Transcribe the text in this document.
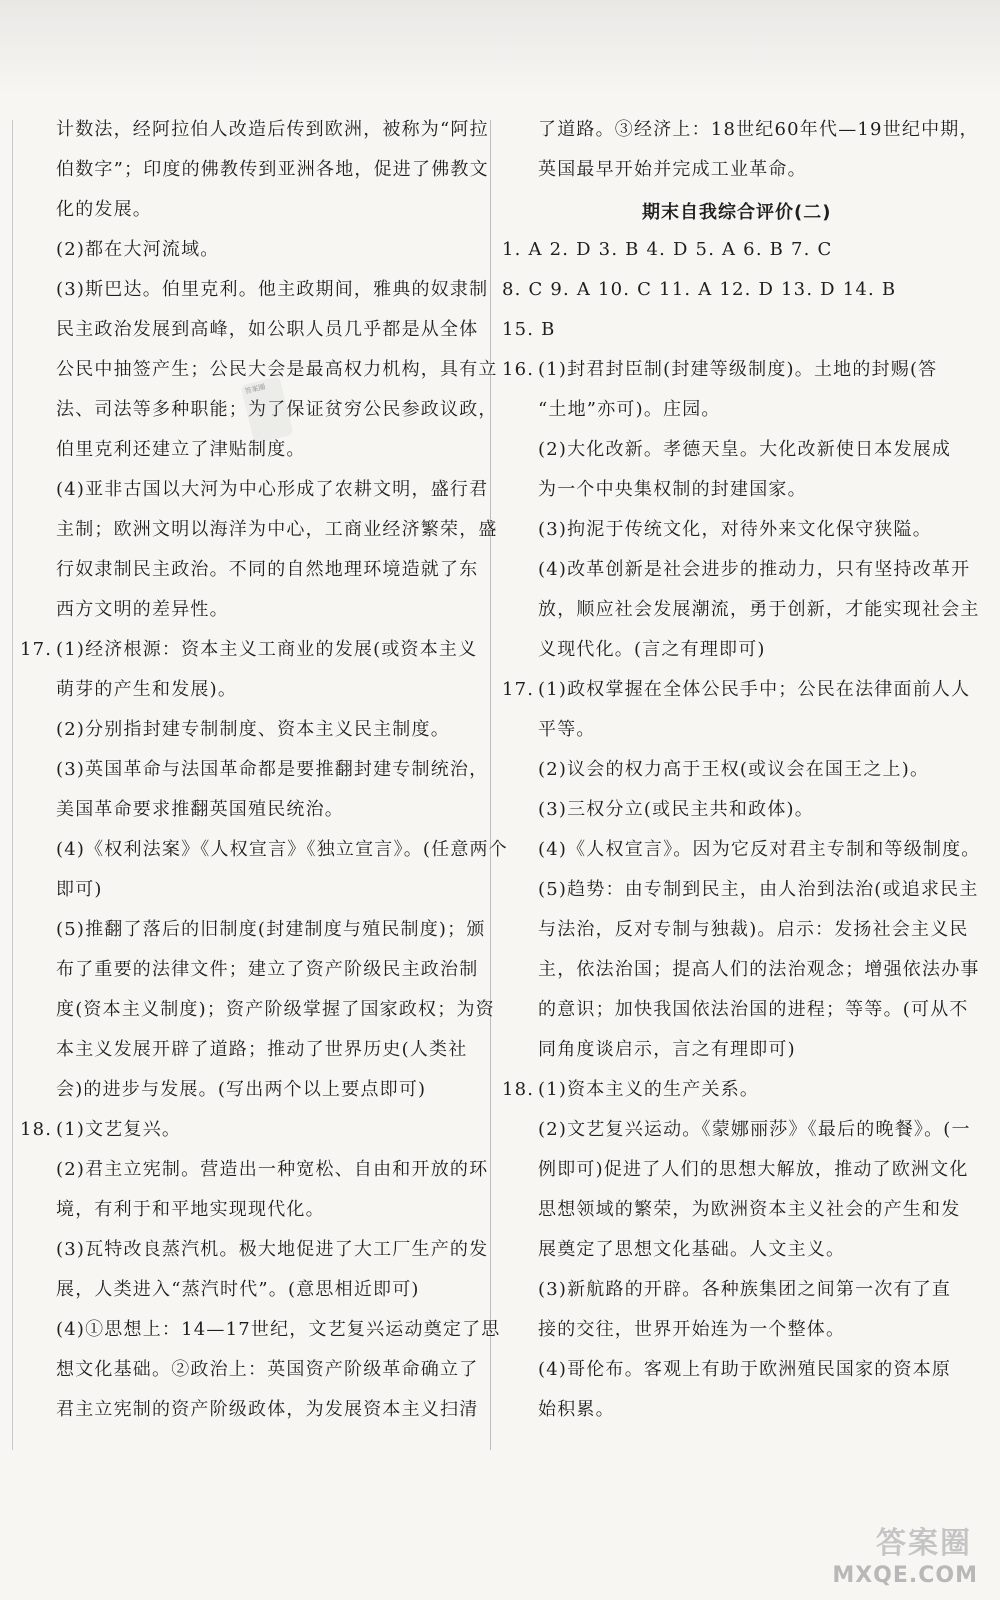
计数法，经阿拉伯人改造后传到欧洲，被称为“阿拉
伯数字”；印度的佛教传到亚洲各地，促进了佛教文
化的发展。
(2)都在大河流域。
(3)斯巴达。伯里克利。他主政期间，雅典的奴隶制
民主政治发展到高峰，如公职人员几乎都是从全体
公民中抽签产生；公民大会是最高权力机构，具有立
法、司法等多种职能；为了保证贫穷公民参政议政，
伯里克利还建立了津贴制度。
(4)亚非古国以大河为中心形成了农耕文明，盛行君
主制；欧洲文明以海洋为中心，工商业经济繁荣，盛
行奴隶制民主政治。不同的自然地理环境造就了东
西方文明的差异性。
17. (1)经济根源：资本主义工商业的发展(或资本主义
萌芽的产生和发展)。
(2)分别指封建专制制度、资本主义民主制度。
(3)英国革命与法国革命都是要推翻封建专制统治，
美国革命要求推翻英国殖民统治。
(4)《权利法案》《人权宣言》《独立宣言》。(任意两个
即可)
(5)推翻了落后的旧制度(封建制度与殖民制度)；颁
布了重要的法律文件；建立了资产阶级民主政治制
度(资本主义制度)；资产阶级掌握了国家政权；为资
本主义发展开辟了道路；推动了世界历史(人类社
会)的进步与发展。(写出两个以上要点即可)
18. (1)文艺复兴。
(2)君主立宪制。营造出一种宽松、自由和开放的环
境，有利于和平地实现现代化。
(3)瓦特改良蒸汽机。极大地促进了大工厂生产的发
展，人类进入“蒸汽时代”。(意思相近即可)
(4)①思想上：14—17世纪，文艺复兴运动奠定了思
想文化基础。②政治上：英国资产阶级革命确立了
君主立宪制的资产阶级政体，为发展资本主义扫清
答案圈
了道路。③经济上：18世纪60年代—19世纪中期，
英国最早开始并完成工业革命。
期末自我综合评价(二)
1. A 2. D 3. B 4. D 5. A 6. B 7. C
8. C 9. A 10. C 11. A 12. D 13. D 14. B
15. B
16. (1)封君封臣制(封建等级制度)。土地的封赐(答
“土地”亦可)。庄园。
(2)大化改新。孝德天皇。大化改新使日本发展成
为一个中央集权制的封建国家。
(3)拘泥于传统文化，对待外来文化保守狭隘。
(4)改革创新是社会进步的推动力，只有坚持改革开
放，顺应社会发展潮流，勇于创新，才能实现社会主
义现代化。(言之有理即可)
17. (1)政权掌握在全体公民手中；公民在法律面前人人
平等。
(2)议会的权力高于王权(或议会在国王之上)。
(3)三权分立(或民主共和政体)。
(4)《人权宣言》。因为它反对君主专制和等级制度。
(5)趋势：由专制到民主，由人治到法治(或追求民主
与法治，反对专制与独裁)。启示：发扬社会主义民
主，依法治国；提高人们的法治观念；增强依法办事
的意识；加快我国依法治国的进程；等等。(可从不
同角度谈启示，言之有理即可)
18. (1)资本主义的生产关系。
(2)文艺复兴运动。《蒙娜丽莎》《最后的晚餐》。(一
例即可)促进了人们的思想大解放，推动了欧洲文化
思想领域的繁荣，为欧洲资本主义社会的产生和发
展奠定了思想文化基础。人文主义。
(3)新航路的开辟。各种族集团之间第一次有了直
接的交往，世界开始连为一个整体。
(4)哥伦布。客观上有助于欧洲殖民国家的资本原
始积累。
答案圈
MXQE.COM
